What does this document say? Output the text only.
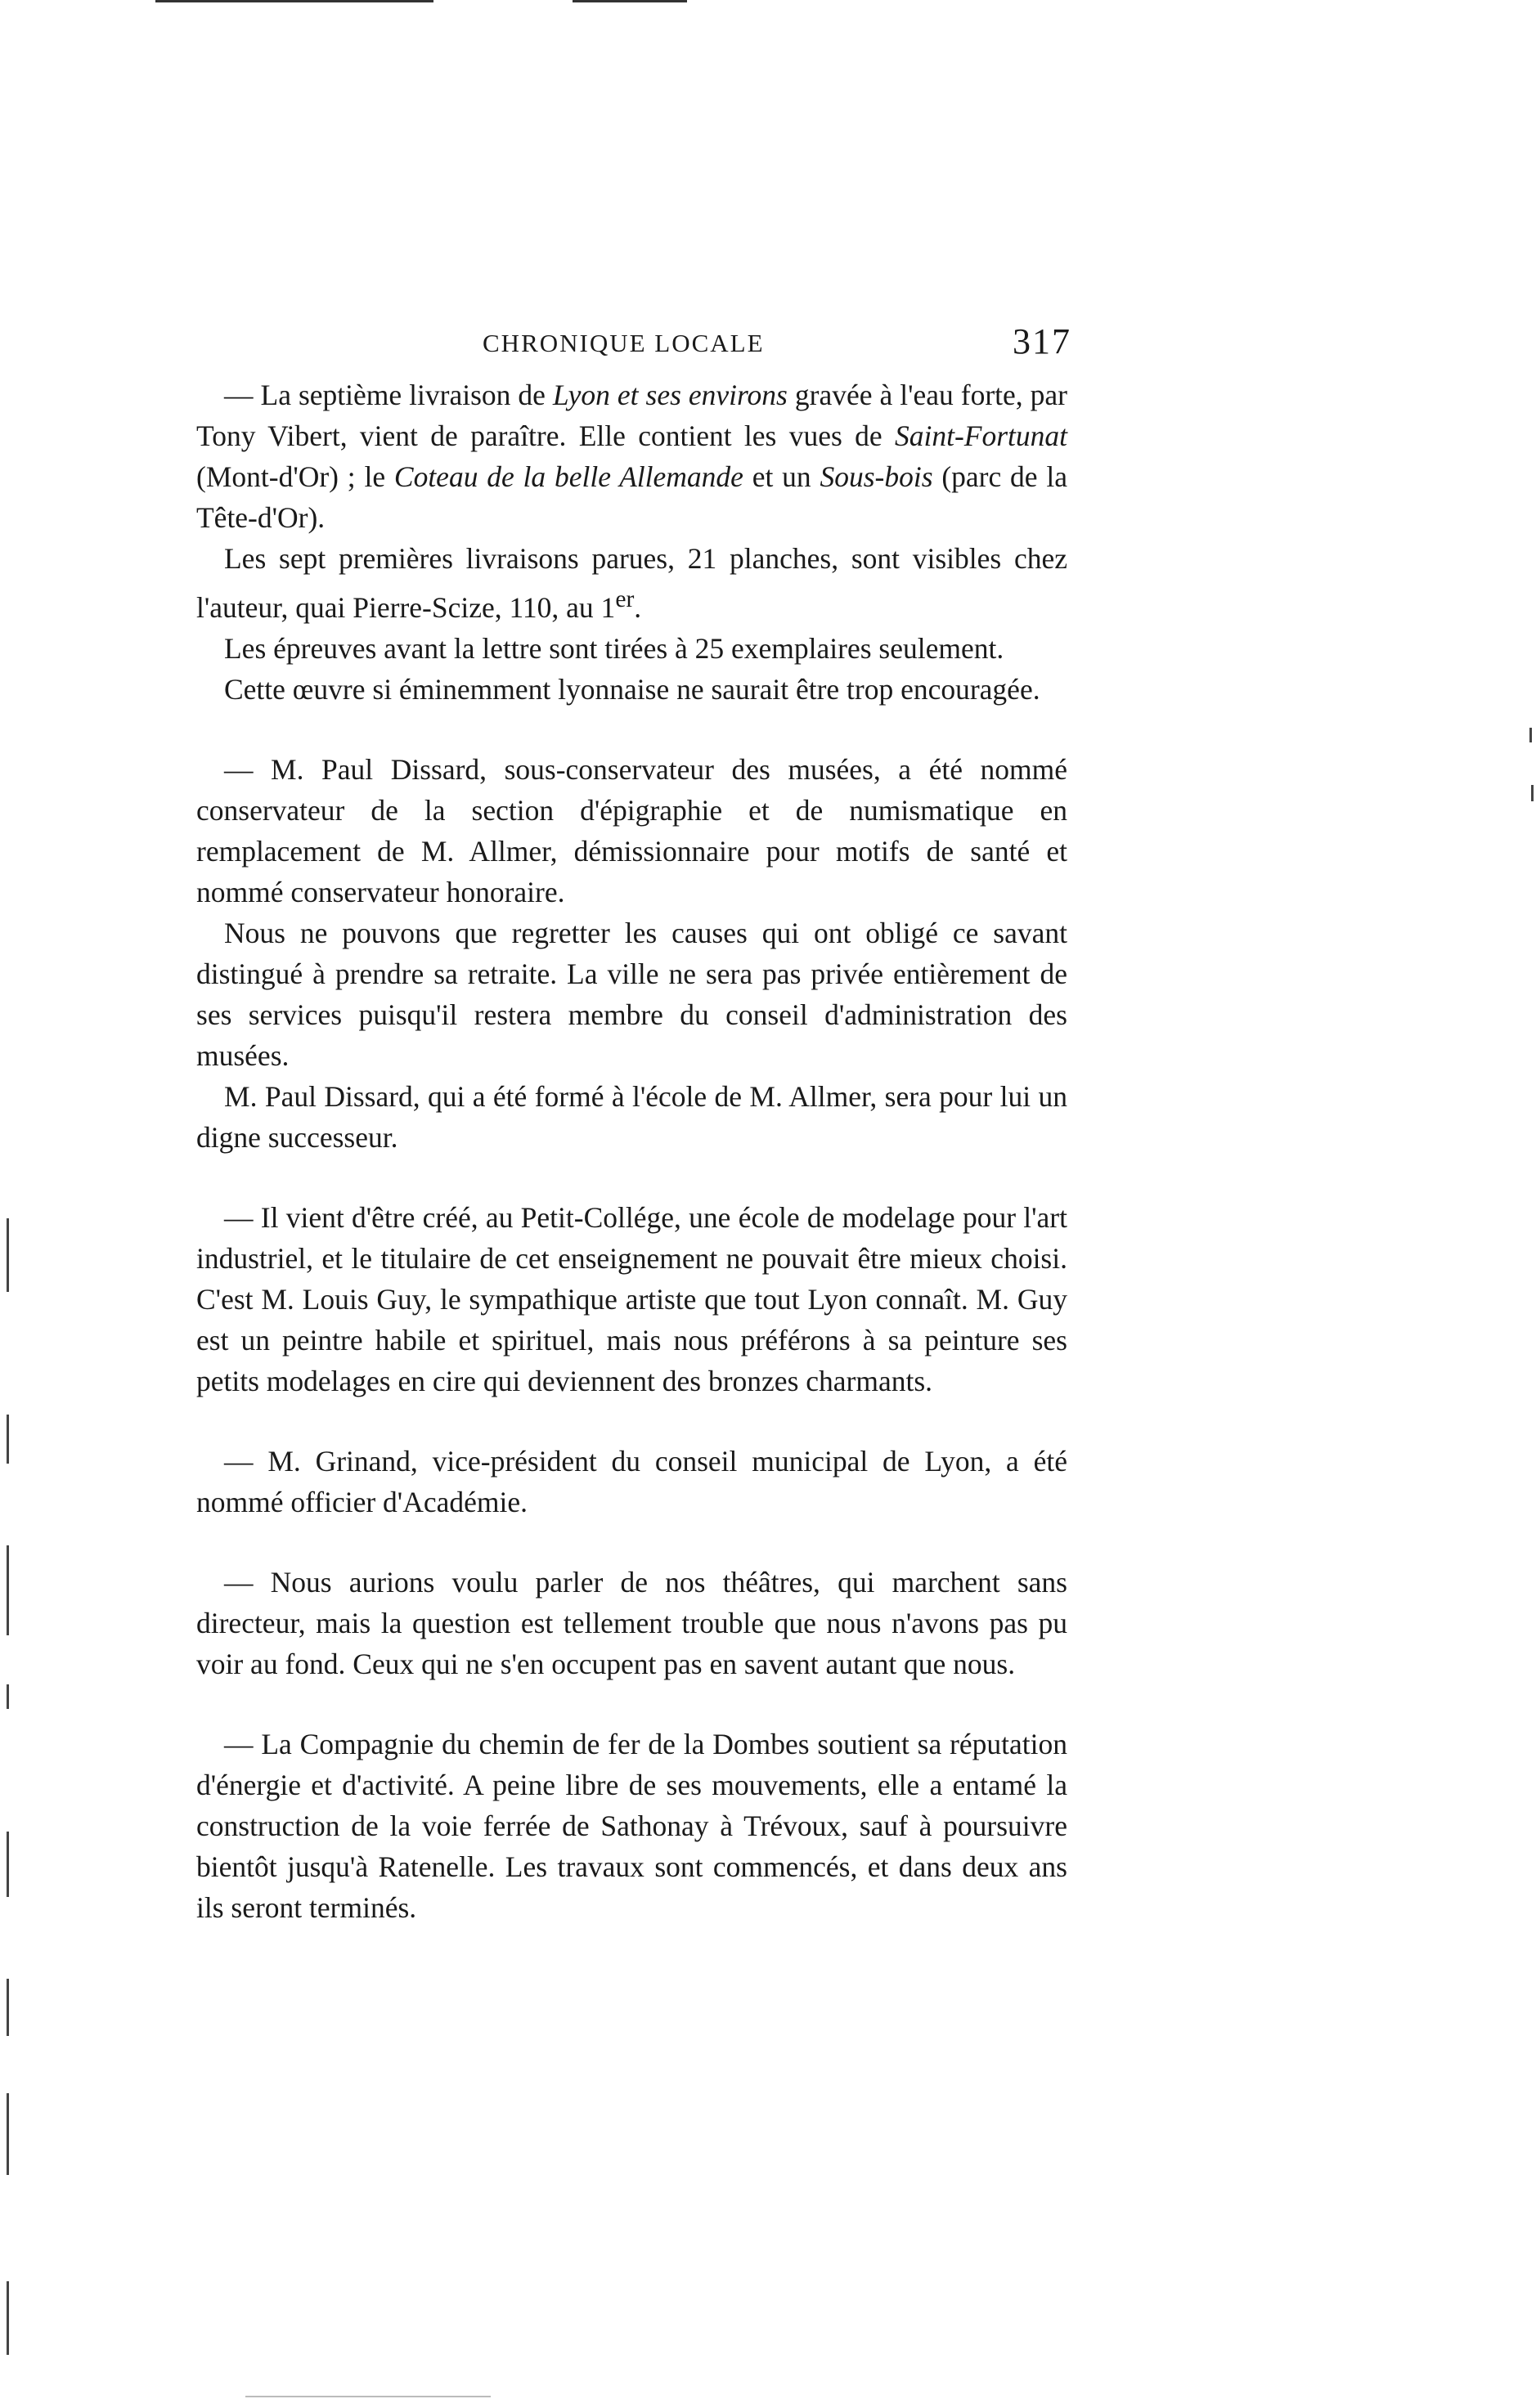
CHRONIQUE LOCALE	317

— La septième livraison de Lyon et ses environs gravée à l'eau forte, par Tony Vibert, vient de paraître. Elle contient les vues de Saint-Fortunat (Mont-d'Or) ; le Coteau de la belle Allemande et un Sous-bois (parc de la Tête-d'Or).

Les sept premières livraisons parues, 21 planches, sont visibles chez l'auteur, quai Pierre-Scize, 110, au 1er.

Les épreuves avant la lettre sont tirées à 25 exemplaires seulement.

Cette œuvre si éminemment lyonnaise ne saurait être trop encouragée.

— M. Paul Dissard, sous-conservateur des musées, a été nommé conservateur de la section d'épigraphie et de numismatique en remplacement de M. Allmer, démissionnaire pour motifs de santé et nommé conservateur honoraire.

Nous ne pouvons que regretter les causes qui ont obligé ce savant distingué à prendre sa retraite. La ville ne sera pas privée entièrement de ses services puisqu'il restera membre du conseil d'administration des musées.

M. Paul Dissard, qui a été formé à l'école de M. Allmer, sera pour lui un digne successeur.

— Il vient d'être créé, au Petit-Collége, une école de modelage pour l'art industriel, et le titulaire de cet enseignement ne pouvait être mieux choisi. C'est M. Louis Guy, le sympathique artiste que tout Lyon connaît. M. Guy est un peintre habile et spirituel, mais nous préférons à sa peinture ses petits modelages en cire qui deviennent des bronzes charmants.

— M. Grinand, vice-président du conseil municipal de Lyon, a été nommé officier d'Académie.

— Nous aurions voulu parler de nos théâtres, qui marchent sans directeur, mais la question est tellement trouble que nous n'avons pas pu voir au fond. Ceux qui ne s'en occupent pas en savent autant que nous.

— La Compagnie du chemin de fer de la Dombes soutient sa réputation d'énergie et d'activité. A peine libre de ses mouvements, elle a entamé la construction de la voie ferrée de Sathonay à Trévoux, sauf à poursuivre bientôt jusqu'à Ratenelle. Les travaux sont commencés, et dans deux ans ils seront terminés.
